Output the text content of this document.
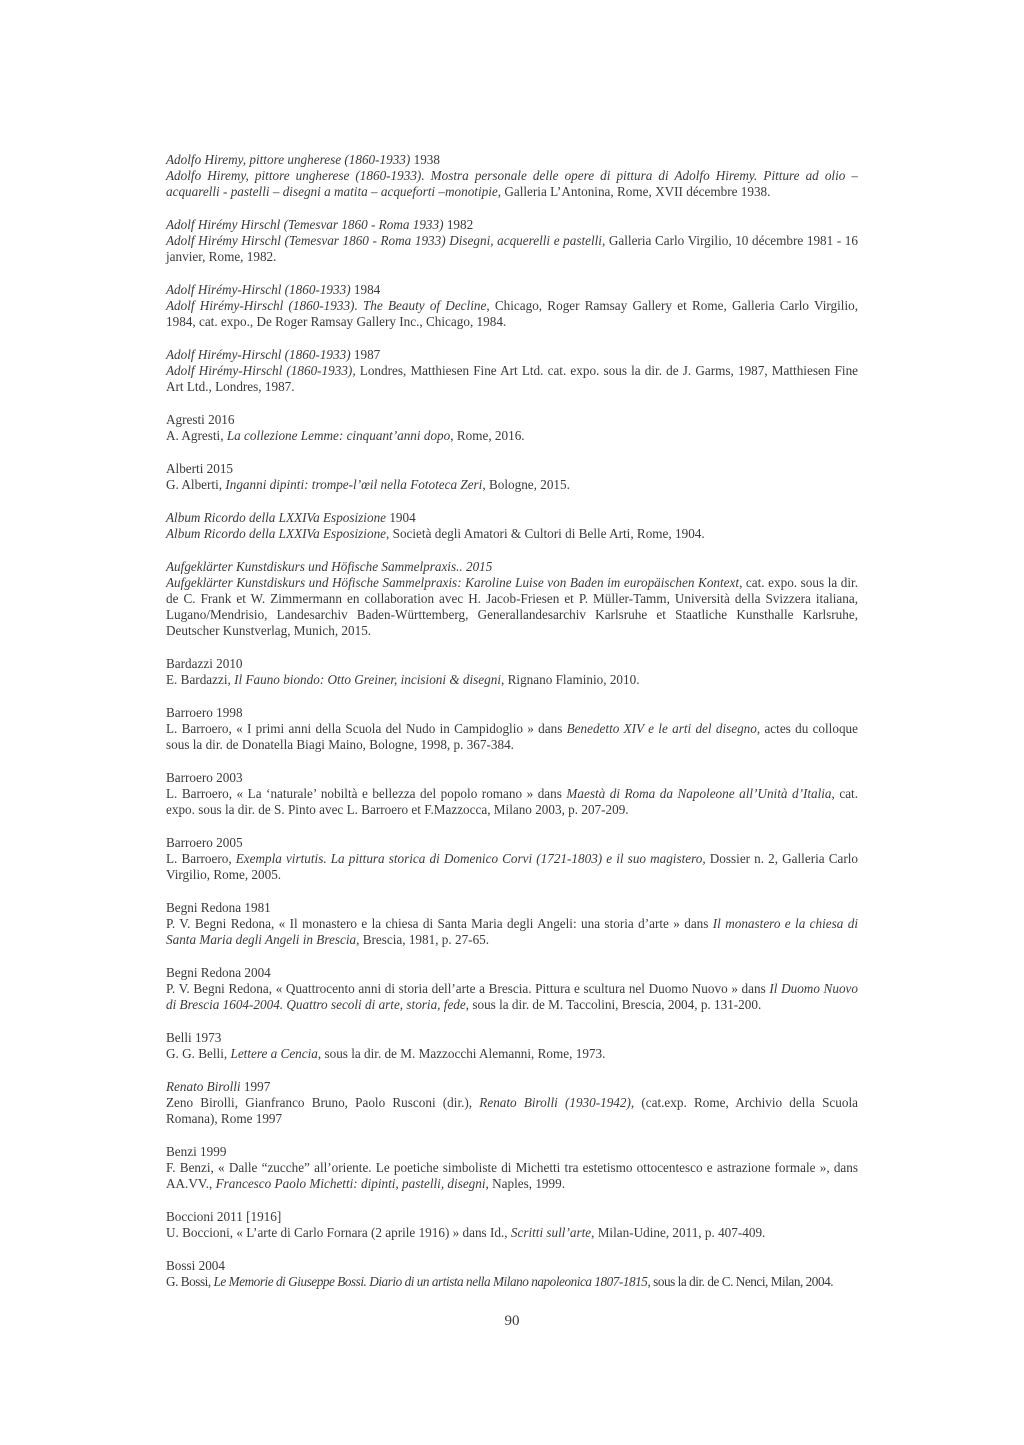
Adolfo Hiremy, pittore ungherese (1860-1933) 1938

Adolfo Hiremy, pittore ungherese (1860-1933). Mostra personale delle opere di pittura di Adolfo Hiremy. Pitture ad olio – acquarelli - pastelli – disegni a matita – acqueforti –monotipie, Galleria L’Antonina, Rome, XVII décembre 1938.

Adolf Hirémy Hirschl (Temesvar 1860 - Roma 1933) 1982

Adolf Hirémy Hirschl (Temesvar 1860 - Roma 1933) Disegni, acquerelli e pastelli, Galleria Carlo Virgilio, 10 décembre 1981 - 16 janvier, Rome, 1982.

Adolf Hirémy-Hirschl (1860-1933) 1984

Adolf Hirémy-Hirschl (1860-1933). The Beauty of Decline, Chicago, Roger Ramsay Gallery et Rome, Galleria Carlo Virgilio, 1984, cat. expo., De Roger Ramsay Gallery Inc., Chicago, 1984.

Adolf Hirémy-Hirschl (1860-1933) 1987

Adolf Hirémy-Hirschl (1860-1933), Londres, Matthiesen Fine Art Ltd. cat. expo. sous la dir. de J. Garms, 1987, Matthiesen Fine Art Ltd., Londres, 1987.

Agresti 2016

A. Agresti, La collezione Lemme: cinquant’anni dopo, Rome, 2016.

Alberti 2015

G. Alberti, Inganni dipinti: trompe-l’œil nella Fototeca Zeri, Bologne, 2015.

Album Ricordo della LXXIVa Esposizione 1904

Album Ricordo della LXXIVa Esposizione, Società degli Amatori & Cultori di Belle Arti, Rome, 1904.

Aufgeklärter Kunstdiskurs und Höfische Sammelpraxis.. 2015

Aufgeklärter Kunstdiskurs und Höfische Sammelpraxis: Karoline Luise von Baden im europäischen Kontext, cat. expo. sous la dir. de C. Frank et W. Zimmermann en collaboration avec H. Jacob-Friesen et P. Müller-Tamm, Università della Svizzera italiana, Lugano/Mendrisio, Landesarchiv Baden-Württemberg, Generallandesarchiv Karlsruhe et Staatliche Kunsthalle Karlsruhe, Deutscher Kunstverlag, Munich, 2015.

Bardazzi 2010

E. Bardazzi, Il Fauno biondo: Otto Greiner, incisioni & disegni, Rignano Flaminio, 2010.

Barroero 1998

L. Barroero, « I primi anni della Scuola del Nudo in Campidoglio » dans Benedetto XIV e le arti del disegno, actes du colloque sous la dir. de Donatella Biagi Maino, Bologne, 1998, p. 367-384.

Barroero 2003

L. Barroero, « La ‘naturale’ nobiltà e bellezza del popolo romano » dans Maestà di Roma da Napoleone all’Unità d’Italia, cat. expo. sous la dir. de S. Pinto avec L. Barroero et F.Mazzocca, Milano 2003, p. 207-209.

Barroero 2005

L. Barroero, Exempla virtutis. La pittura storica di Domenico Corvi (1721-1803) e il suo magistero, Dossier n. 2, Galleria Carlo Virgilio, Rome, 2005.

Begni Redona 1981

P. V. Begni Redona, « Il monastero e la chiesa di Santa Maria degli Angeli: una storia d’arte » dans Il monastero e la chiesa di Santa Maria degli Angeli in Brescia, Brescia, 1981, p. 27-65.

Begni Redona 2004

P. V. Begni Redona, « Quattrocento anni di storia dell’arte a Brescia. Pittura e scultura nel Duomo Nuovo » dans Il Duomo Nuovo di Brescia 1604-2004. Quattro secoli di arte, storia, fede, sous la dir. de M. Taccolini, Brescia, 2004, p. 131-200.

Belli 1973

G. G. Belli, Lettere a Cencia, sous la dir. de M. Mazzocchi Alemanni, Rome, 1973.

Renato Birolli 1997

Zeno Birolli, Gianfranco Bruno, Paolo Rusconi (dir.), Renato Birolli (1930-1942), (cat.exp. Rome, Archivio della Scuola Romana), Rome 1997

Benzi 1999

F. Benzi, « Dalle “zucche” all’oriente. Le poetiche simboliste di Michetti tra estetismo ottocentesco e astrazione formale », dans AA.VV., Francesco Paolo Michetti: dipinti, pastelli, disegni, Naples, 1999.

Boccioni 2011 [1916]

U. Boccioni, « L’arte di Carlo Fornara (2 aprile 1916) » dans Id., Scritti sull’arte, Milan-Udine, 2011, p. 407-409.

Bossi 2004

G. Bossi, Le Memorie di Giuseppe Bossi. Diario di un artista nella Milano napoleonica 1807-1815, sous la dir. de C. Nenci, Milan, 2004.

90
